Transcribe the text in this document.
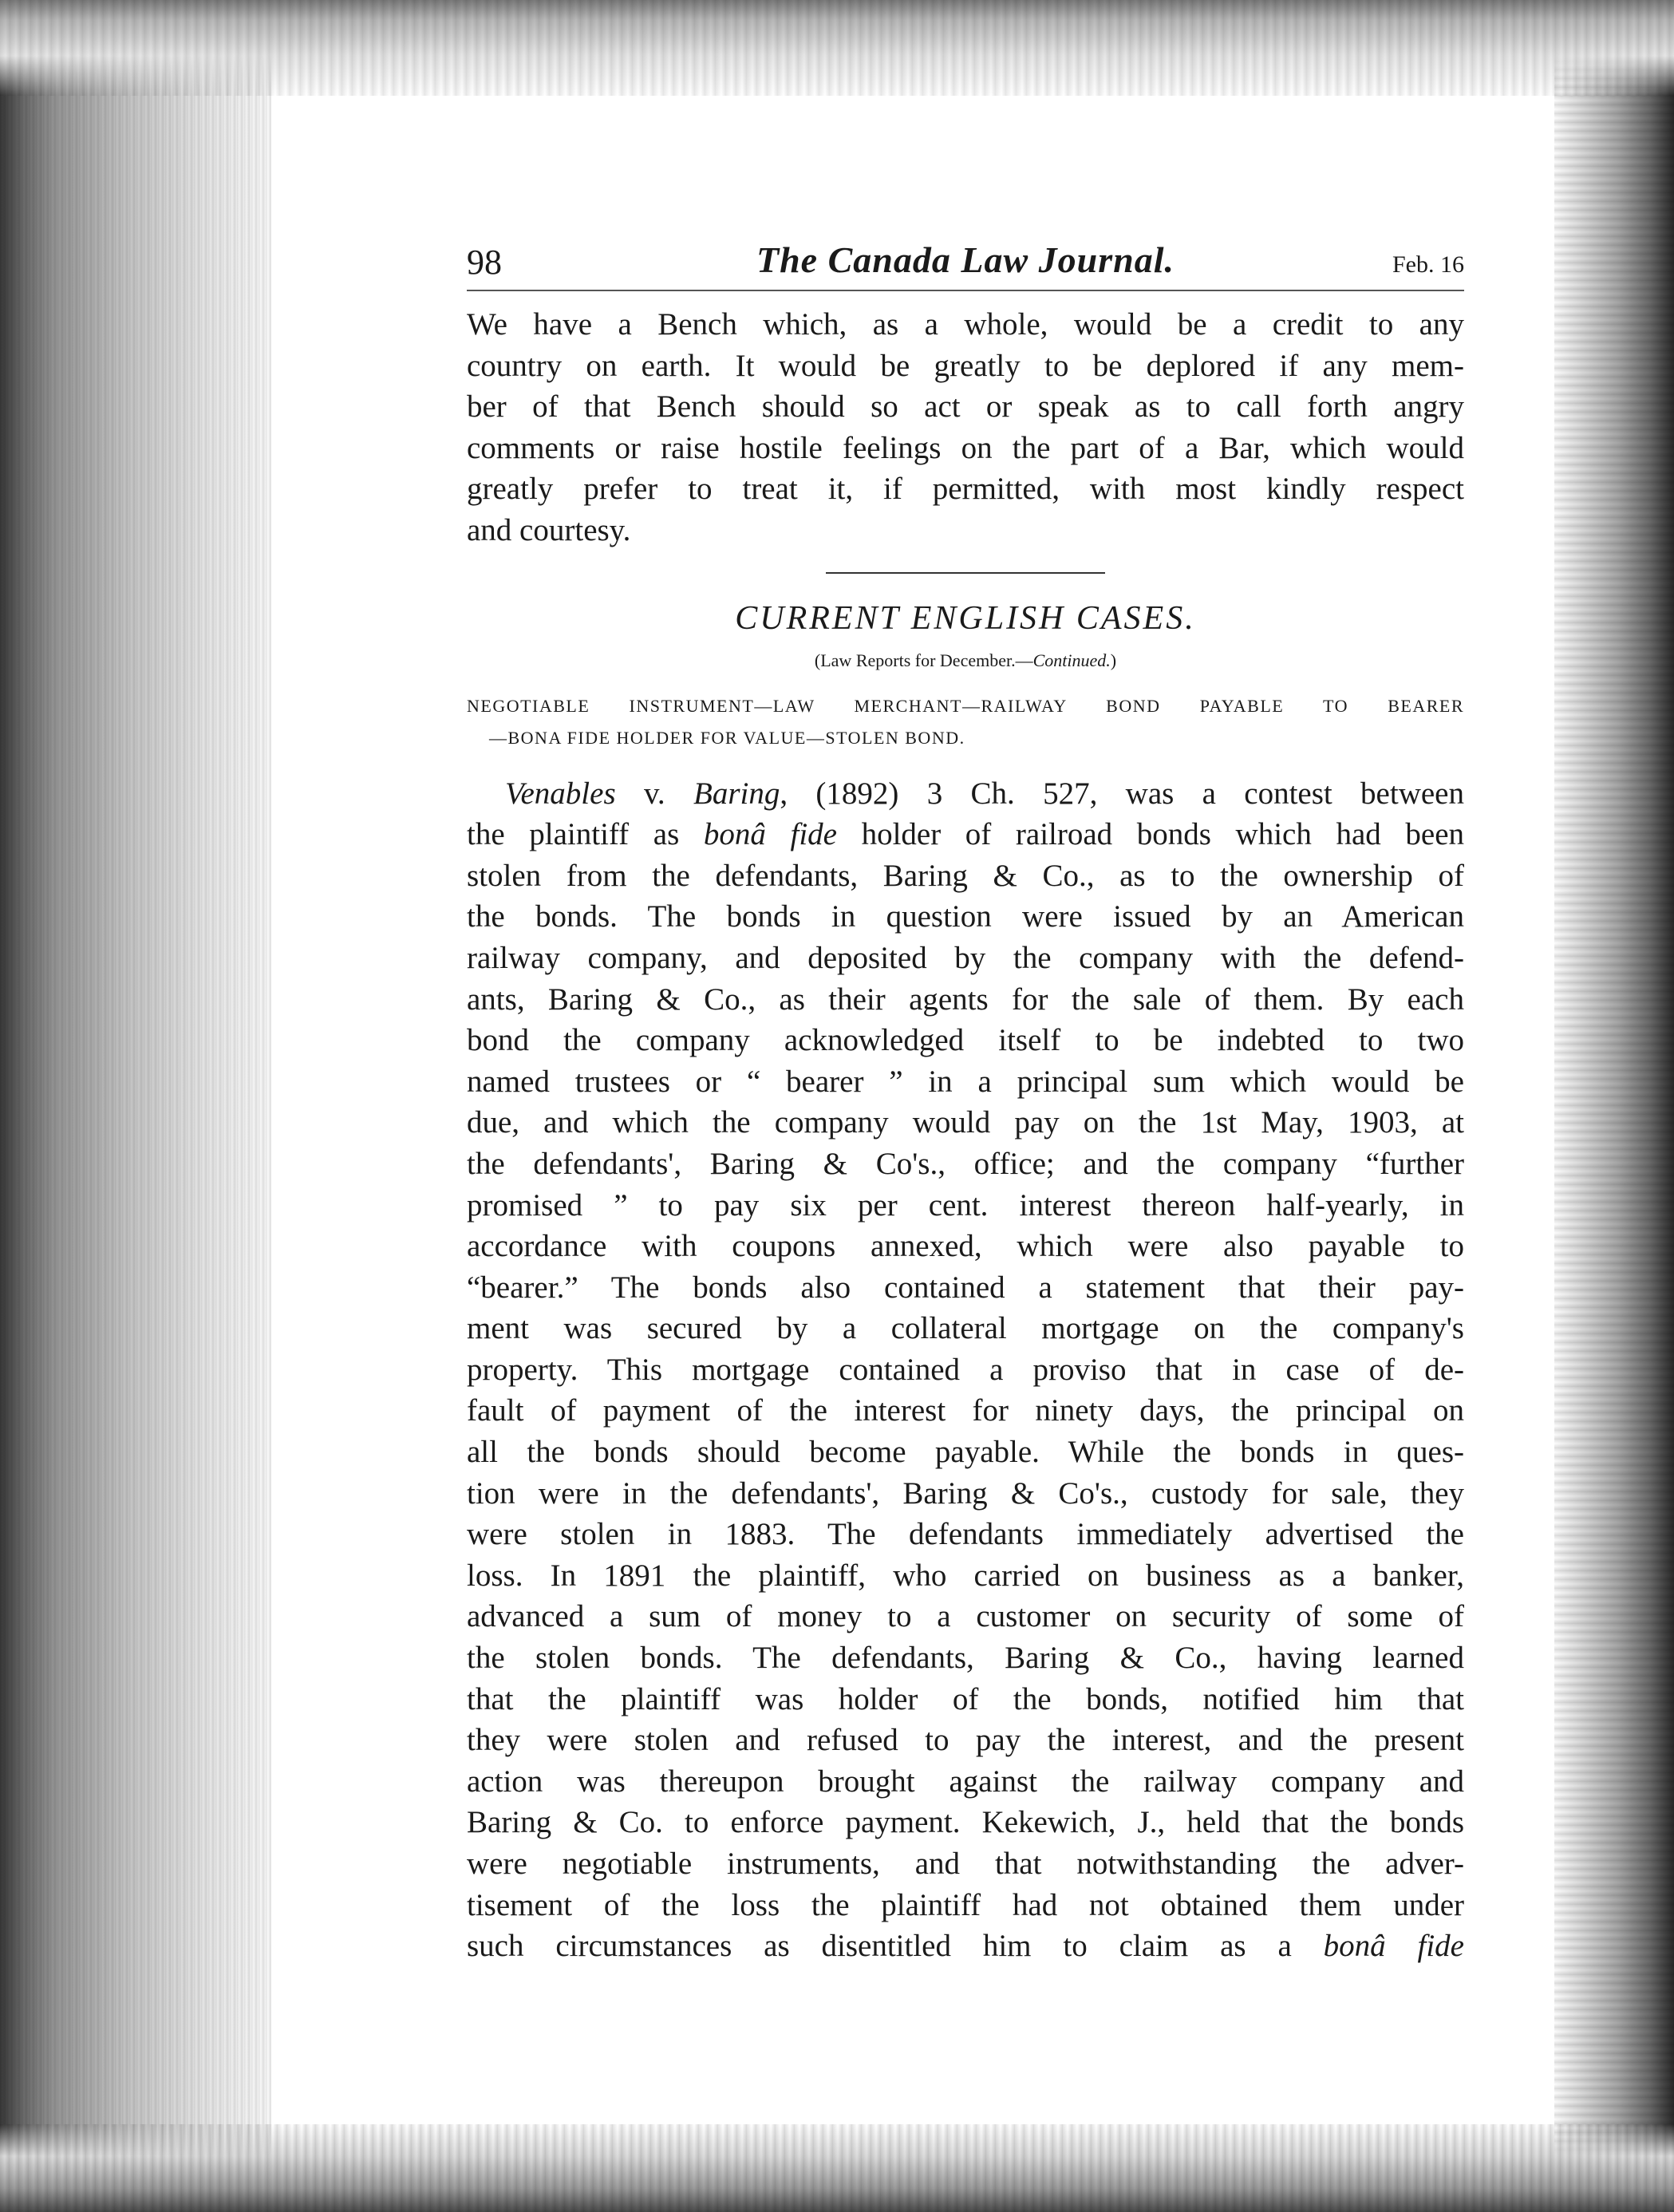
98	The Canada Law Journal.	Feb. 16
We have a Bench which, as a whole, would be a credit to any
country on earth. It would be greatly to be deplored if any mem-
ber of that Bench should so act or speak as to call forth angry
comments or raise hostile feelings on the part of a Bar, which would
greatly prefer to treat it, if permitted, with most kindly respect
and courtesy.
CURRENT ENGLISH CASES.
(Law Reports for December.—Continued.)
NEGOTIABLE INSTRUMENT—LAW MERCHANT—RAILWAY BOND PAYABLE TO BEARER
—BONA FIDE HOLDER FOR VALUE—STOLEN BOND.
Venables v. Baring, (1892) 3 Ch. 527, was a contest between
the plaintiff as bonâ fide holder of railroad bonds which had been
stolen from the defendants, Baring & Co., as to the ownership of
the bonds. The bonds in question were issued by an American
railway company, and deposited by the company with the defend-
ants, Baring & Co., as their agents for the sale of them. By each
bond the company acknowledged itself to be indebted to two
named trustees or “ bearer ” in a principal sum which would be
due, and which the company would pay on the 1st May, 1903, at
the defendants', Baring & Co's., office; and the company “further
promised ” to pay six per cent. interest thereon half-yearly, in
accordance with coupons annexed, which were also payable to
“bearer.” The bonds also contained a statement that their pay-
ment was secured by a collateral mortgage on the company's
property. This mortgage contained a proviso that in case of de-
fault of payment of the interest for ninety days, the principal on
all the bonds should become payable. While the bonds in ques-
tion were in the defendants', Baring & Co's., custody for sale, they
were stolen in 1883. The defendants immediately advertised the
loss. In 1891 the plaintiff, who carried on business as a banker,
advanced a sum of money to a customer on security of some of
the stolen bonds. The defendants, Baring & Co., having learned
that the plaintiff was holder of the bonds, notified him that
they were stolen and refused to pay the interest, and the present
action was thereupon brought against the railway company and
Baring & Co. to enforce payment. Kekewich, J., held that the bonds
were negotiable instruments, and that notwithstanding the adver-
tisement of the loss the plaintiff had not obtained them under
such circumstances as disentitled him to claim as a bonâ fide
